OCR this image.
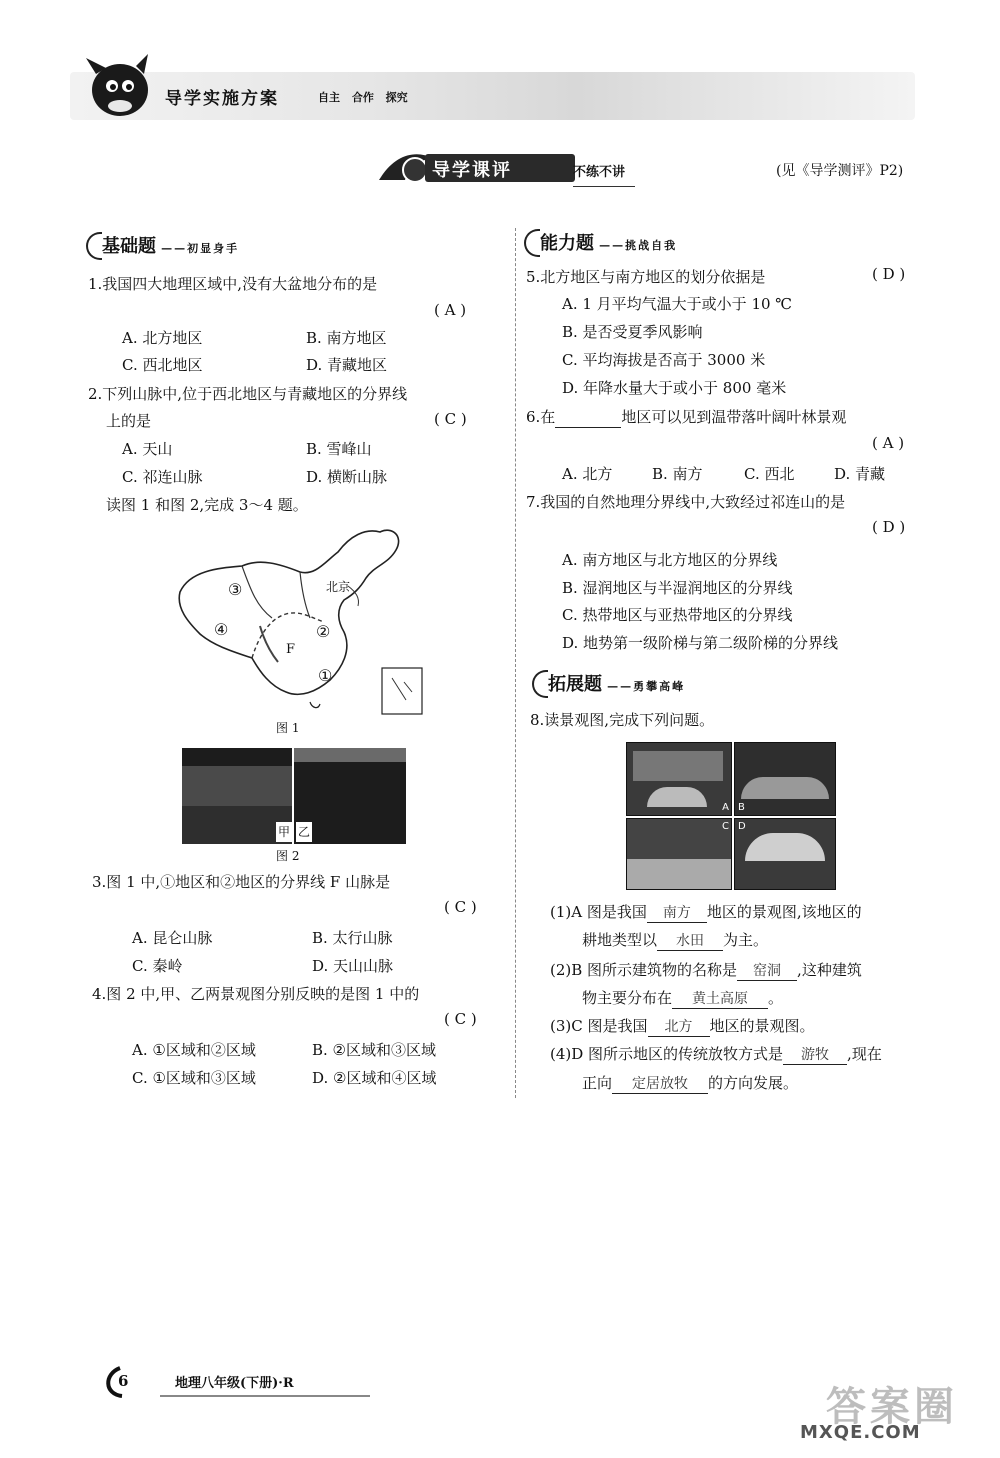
导学实施方案	自主 合作 探究
导学课评	不练不讲	(见《导学测评》P2)
基础题 ——初显身手
1.我国四大地理区域中,没有大盆地分布的是
( A )
A. 北方地区	B. 南方地区
C. 西北地区	D. 青藏地区
2.下列山脉中,位于西北地区与青藏地区的分界线
上的是	( C )
A. 天山	B. 雪峰山
C. 祁连山脉	D. 横断山脉
读图 1 和图 2,完成 3～4 题。
北京
③
④	②
F
①
图 1
甲 乙
图 2
3.图 1 中,①地区和②地区的分界线 F 山脉是
( C )
A. 昆仑山脉	B. 太行山脉
C. 秦岭	D. 天山山脉
4.图 2 中,甲、乙两景观图分别反映的是图 1 中的
( C )
A. ①区域和②区域	B. ②区域和③区域
C. ①区域和③区域	D. ②区域和④区域
能力题 ——挑战自我
5.北方地区与南方地区的划分依据是	( D )
A. 1 月平均气温大于或小于 10 ℃
B. 是否受夏季风影响
C. 平均海拔是否高于 3000 米
D. 年降水量大于或小于 800 毫米
6.在	地区可以见到温带落叶阔叶林景观
( A )
A. 北方	B. 南方	C. 西北	D. 青藏
7.我国的自然地理分界线中,大致经过祁连山的是
( D )
A. 南方地区与北方地区的分界线
B. 湿润地区与半湿润地区的分界线
C. 热带地区与亚热带地区的分界线
D. 地势第一级阶梯与第二级阶梯的分界线
拓展题 ——勇攀高峰
8.读景观图,完成下列问题。
A B
C D
(1)A 图是我国 南方 地区的景观图,该地区的
耕地类型以 水田 为主。
(2)B 图所示建筑物的名称是 窑洞 ,这种建筑
物主要分布在 黄土高原 。
(3)C 图是我国 北方 地区的景观图。
(4)D 图所示地区的传统放牧方式是 游牧 ,现在
正向 定居放牧 的方向发展。
6	地理八年级(下册)·R
答案圈
MXQE.COM
